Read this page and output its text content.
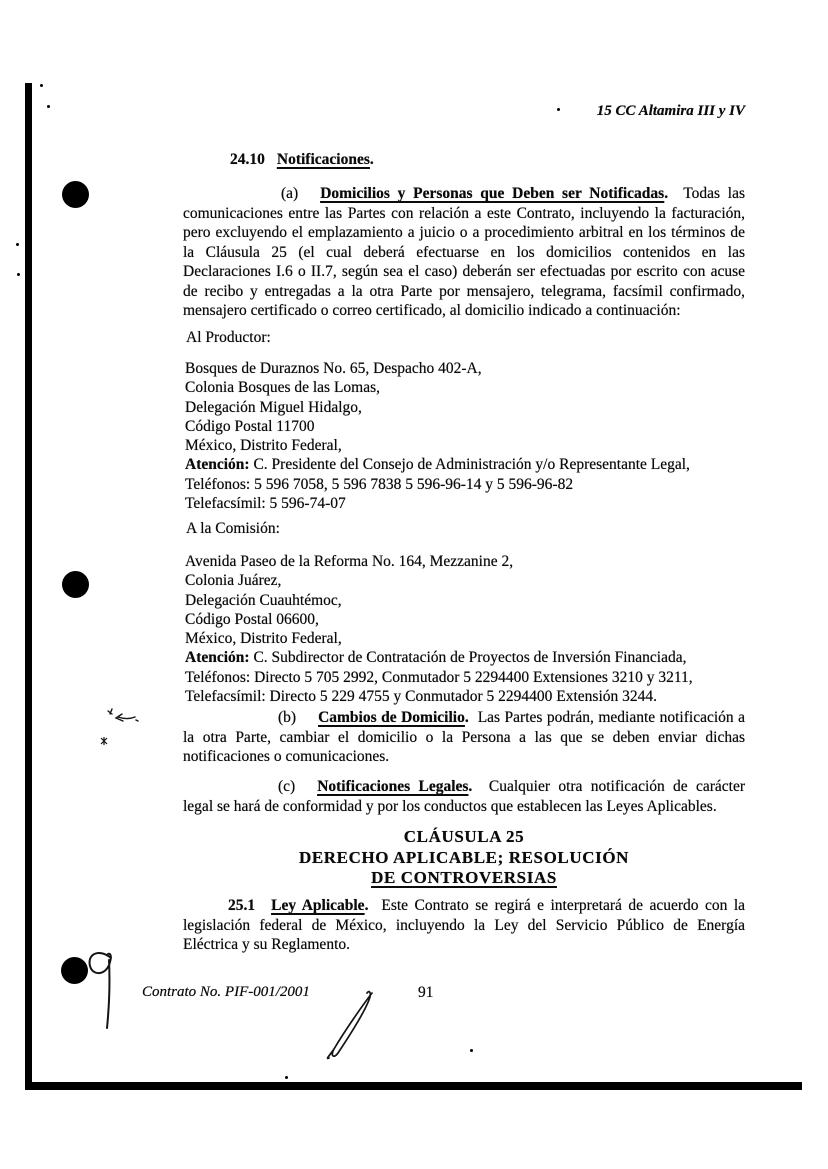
15 CC Altamira III y IV

24.10 Notificaciones.

(a) Domicilios y Personas que Deben ser Notificadas. Todas las comunicaciones entre las Partes con relación a este Contrato, incluyendo la facturación, pero excluyendo el emplazamiento a juicio o a procedimiento arbitral en los términos de la Cláusula 25 (el cual deberá efectuarse en los domicilios contenidos en las Declaraciones I.6 o II.7, según sea el caso) deberán ser efectuadas por escrito con acuse de recibo y entregadas a la otra Parte por mensajero, telegrama, facsímil confirmado, mensajero certificado o correo certificado, al domicilio indicado a continuación:

Al Productor:
Bosques de Duraznos No. 65, Despacho 402-A,
Colonia Bosques de las Lomas,
Delegación Miguel Hidalgo,
Código Postal 11700
México, Distrito Federal,
Atención: C. Presidente del Consejo de Administración y/o Representante Legal,
Teléfonos: 5 596 7058, 5 596 7838 5 596-96-14 y 5 596-96-82
Telefacsímil: 5 596-74-07
A la Comisión:
Avenida Paseo de la Reforma No. 164, Mezzanine 2,
Colonia Juárez,
Delegación Cuauhtémoc,
Código Postal 06600,
México, Distrito Federal,
Atención: C. Subdirector de Contratación de Proyectos de Inversión Financiada,
Teléfonos: Directo 5 705 2992, Conmutador 5 2294400 Extensiones 3210 y 3211,
Telefacsímil: Directo 5 229 4755 y Conmutador 5 2294400 Extensión 3244.

(b) Cambios de Domicilio. Las Partes podrán, mediante notificación a la otra Parte, cambiar el domicilio o la Persona a las que se deben enviar dichas notificaciones o comunicaciones.

(c) Notificaciones Legales. Cualquier otra notificación de carácter legal se hará de conformidad y por los conductos que establecen las Leyes Aplicables.

CLÁUSULA 25
DERECHO APLICABLE; RESOLUCIÓN
DE CONTROVERSIAS

25.1 Ley Aplicable. Este Contrato se regirá e interpretará de acuerdo con la legislación federal de México, incluyendo la Ley del Servicio Público de Energía Eléctrica y su Reglamento.

Contrato No. PIF-001/2001	91
